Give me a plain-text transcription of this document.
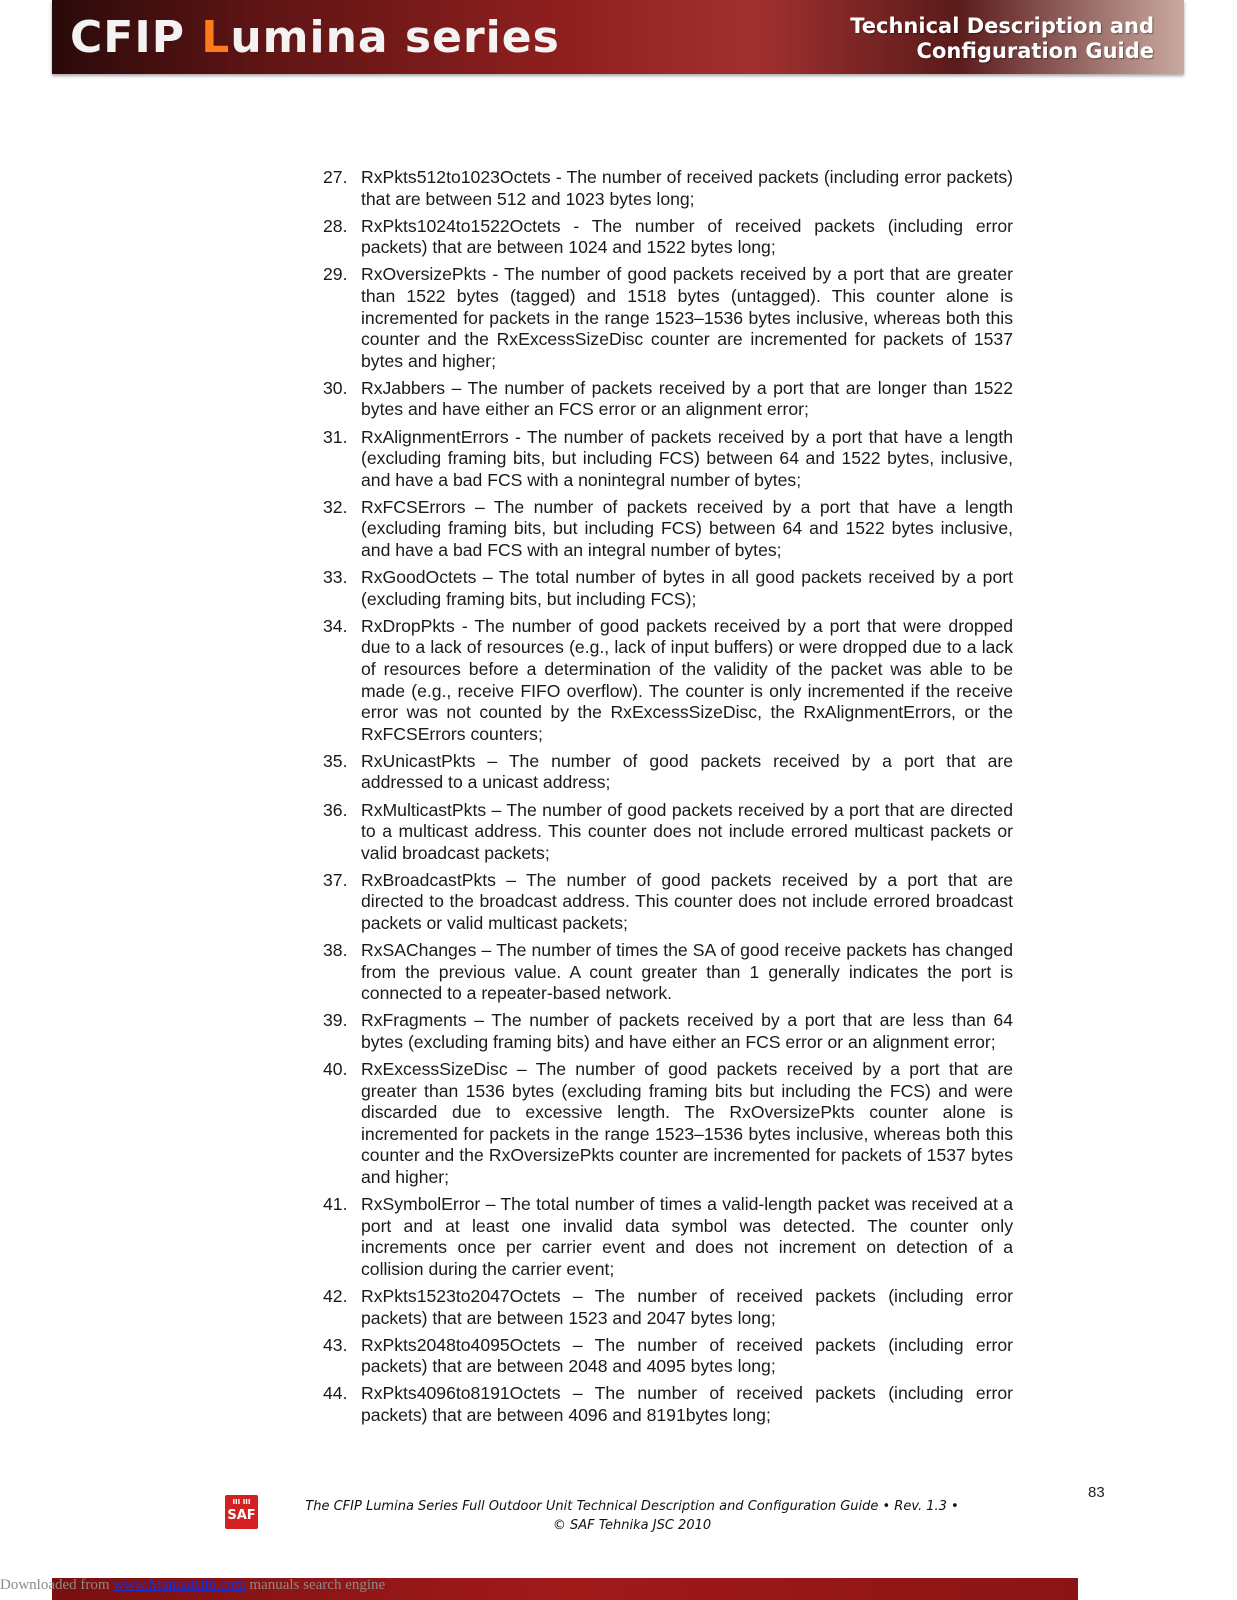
CFIP Lumina series	Technical Description and
Configuration Guide
27. RxPkts512to1023Octets - The number of received packets (including error packets) that are between 512 and 1023 bytes long;
28. RxPkts1024to1522Octets - The number of received packets (including error packets) that are between 1024 and 1522 bytes long;
29. RxOversizePkts - The number of good packets received by a port that are greater than 1522 bytes (tagged) and 1518 bytes (untagged). This counter alone is incremented for packets in the range 1523–1536 bytes inclusive, whereas both this counter and the RxExcessSizeDisc counter are incremented for packets of 1537 bytes and higher;
30. RxJabbers – The number of packets received by a port that are longer than 1522 bytes and have either an FCS error or an alignment error;
31. RxAlignmentErrors - The number of packets received by a port that have a length (excluding framing bits, but including FCS) between 64 and 1522 bytes, inclusive, and have a bad FCS with a nonintegral number of bytes;
32. RxFCSErrors – The number of packets received by a port that have a length (excluding framing bits, but including FCS) between 64 and 1522 bytes inclusive, and have a bad FCS with an integral number of bytes;
33. RxGoodOctets – The total number of bytes in all good packets received by a port (excluding framing bits, but including FCS);
34. RxDropPkts - The number of good packets received by a port that were dropped due to a lack of resources (e.g., lack of input buffers) or were dropped due to a lack of resources before a determination of the validity of the packet was able to be made (e.g., receive FIFO overflow). The counter is only incremented if the receive error was not counted by the RxExcessSizeDisc, the RxAlignmentErrors, or the RxFCSErrors counters;
35. RxUnicastPkts – The number of good packets received by a port that are addressed to a unicast address;
36. RxMulticastPkts – The number of good packets received by a port that are directed to a multicast address. This counter does not include errored multicast packets or valid broadcast packets;
37. RxBroadcastPkts – The number of good packets received by a port that are directed to the broadcast address. This counter does not include errored broadcast packets or valid multicast packets;
38. RxSAChanges – The number of times the SA of good receive packets has changed from the previous value. A count greater than 1 generally indicates the port is connected to a repeater-based network.
39. RxFragments – The number of packets received by a port that are less than 64 bytes (excluding framing bits) and have either an FCS error or an alignment error;
40. RxExcessSizeDisc – The number of good packets received by a port that are greater than 1536 bytes (excluding framing bits but including the FCS) and were discarded due to excessive length. The RxOversizePkts counter alone is incremented for packets in the range 1523–1536 bytes inclusive, whereas both this counter and the RxOversizePkts counter are incremented for packets of 1537 bytes and higher;
41. RxSymbolError – The total number of times a valid-length packet was received at a port and at least one invalid data symbol was detected. The counter only increments once per carrier event and does not increment on detection of a collision during the carrier event;
42. RxPkts1523to2047Octets – The number of received packets (including error packets) that are between 1523 and 2047 bytes long;
43. RxPkts2048to4095Octets – The number of received packets (including error packets) that are between 2048 and 4095 bytes long;
44. RxPkts4096to8191Octets – The number of received packets (including error packets) that are between 4096 and 8191bytes long;
83
III III
SAF
The CFIP Lumina Series Full Outdoor Unit Technical Description and Configuration Guide • Rev. 1.3 •
© SAF Tehnika JSC 2010
Downloaded from www.Manualslib.com manuals search engine
